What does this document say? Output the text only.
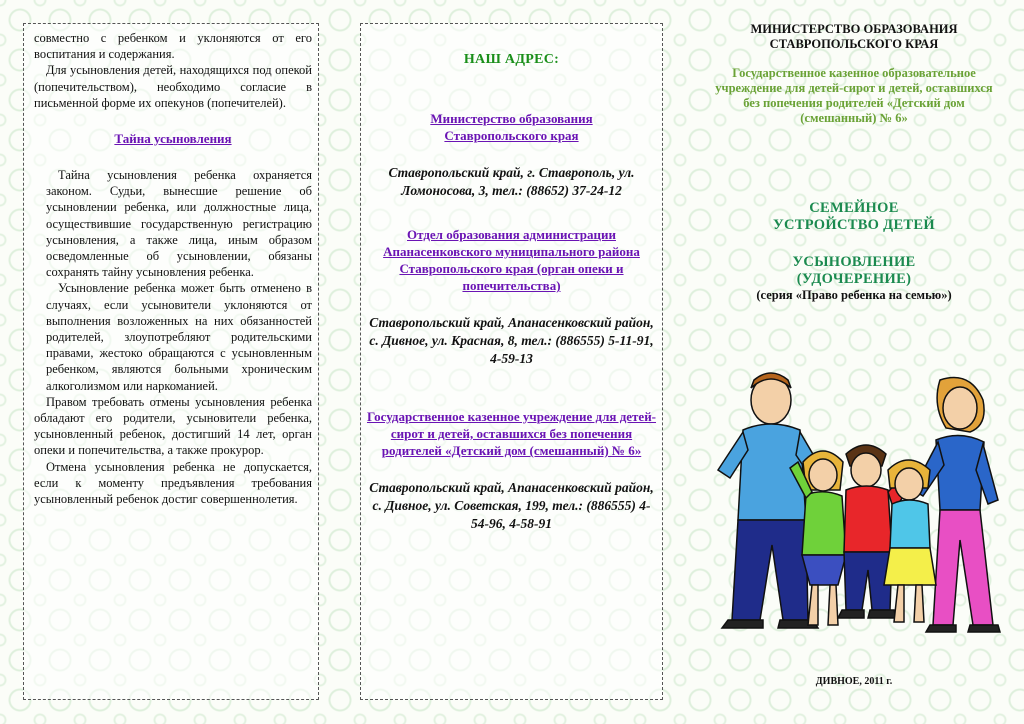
совместно с ребенком и уклоняются от его воспитания и содержания.

Для усыновления детей, находящихся под опекой (попечительством), необходимо согласие в письменной форме их опекунов (попечителей).

Тайна усыновления

Тайна усыновления ребенка охраняется законом. Судьи, вынесшие решение об усыновлении ребенка, или должностные лица, осуществившие государственную регистрацию усыновления, а также лица, иным образом осведомленные об усыновлении, обязаны сохранять тайну усыновления ребенка.

Усыновление ребенка может быть отменено в случаях, если усыновители уклоняются от выполнения возложенных на них обязанностей родителей, злоупотребляют родительскими правами, жестоко обращаются с усыновленным ребенком, являются больными хроническим алкоголизмом или наркоманией.

Правом требовать отмены усыновления ребенка обладают его родители, усыновители ребенка, усыновленный ребенок, достигший 14 лет, орган опеки и попечительства, а также прокурор.

Отмена усыновления ребенка не допускается, если к моменту предъявления требования усыновленный ребенок достиг совершеннолетия.

НАШ АДРЕС:

Министерство образования Ставропольского края

Ставропольский край, г. Ставрополь, ул. Ломоносова, 3, тел.: (88652) 37-24-12

Отдел образования администрации Апанасенковского муниципального района Ставропольского края (орган опеки и попечительства)

Ставропольский край, Апанасенковский район, с. Дивное, ул. Красная, 8, тел.: (886555) 5-11-91, 4-59-13

Государственное казенное учреждение для детей-сирот и детей, оставшихся без попечения родителей «Детский дом (смешанный) № 6»

Ставропольский край, Апанасенковский район, с. Дивное, ул. Советская, 199, тел.: (886555) 4-54-96, 4-58-91

МИНИСТЕРСТВО ОБРАЗОВАНИЯ

СТАВРОПОЛЬСКОГО КРАЯ

Государственное казенное образовательное учреждение для детей-сирот и детей, оставшихся без попечения родителей «Детский дом (смешанный) № 6»

СЕМЕЙНОЕ

УСТРОЙСТВО ДЕТЕЙ

УСЫНОВЛЕНИЕ

(УДОЧЕРЕНИЕ)

(серия «Право ребенка на семью»)

ДИВНОЕ, 2011 г.
